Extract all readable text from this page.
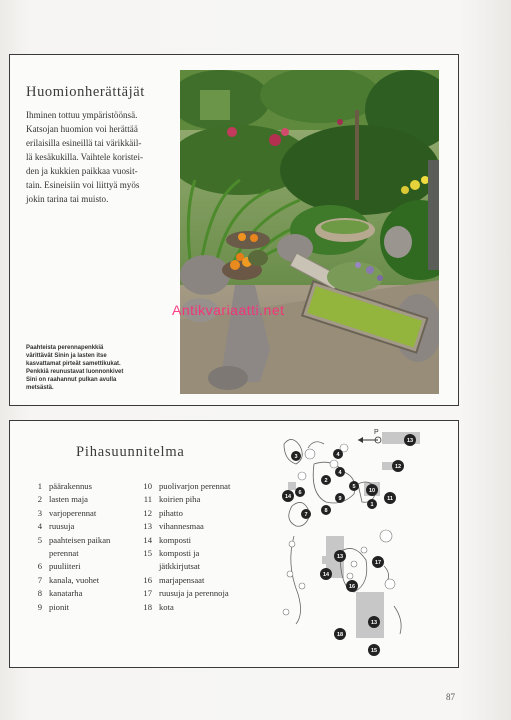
Huomionherättäjät
Ihminen tottuu ympäristöönsä.
Katsojan huomion voi herättää
erilaisilla esineillä tai värikkäil-
lä kesäkukilla. Vaihtele koristei-
den ja kukkien paikkaa vuosit-
tain. Esineisiin voi liittyä myös
jokin tarina tai muisto.
Paahteista perennapenkkiä
värittävät Sinin ja lasten itse
kasvattamat pirteät samettikukat.
Penkkiä reunustavat luonnonkivet
Sini on raahannut pulkan avulla
metsästä.
Antikvariaatti.net
Pihasuunnitelma
1 päärakennus
2 lasten maja
3 varjoperennat
4 ruusuja
5 paahteisen paikan
perennat
6 puuliiteri
7 kanala, vuohet
8 kanatarha
9 pionit
10 puolivarjon perennat
11 koirien piha
12 pihatto
13 vihannesmaa
14 komposti
15 komposti ja
jätkkirjutsat
16 marjapensaat
17 ruusuja ja perennoja
18 kota
P
13
4
3
4
12
2
5
10
14
6
9	11
1
7
8
13
17
14
16
13
18
15
87
